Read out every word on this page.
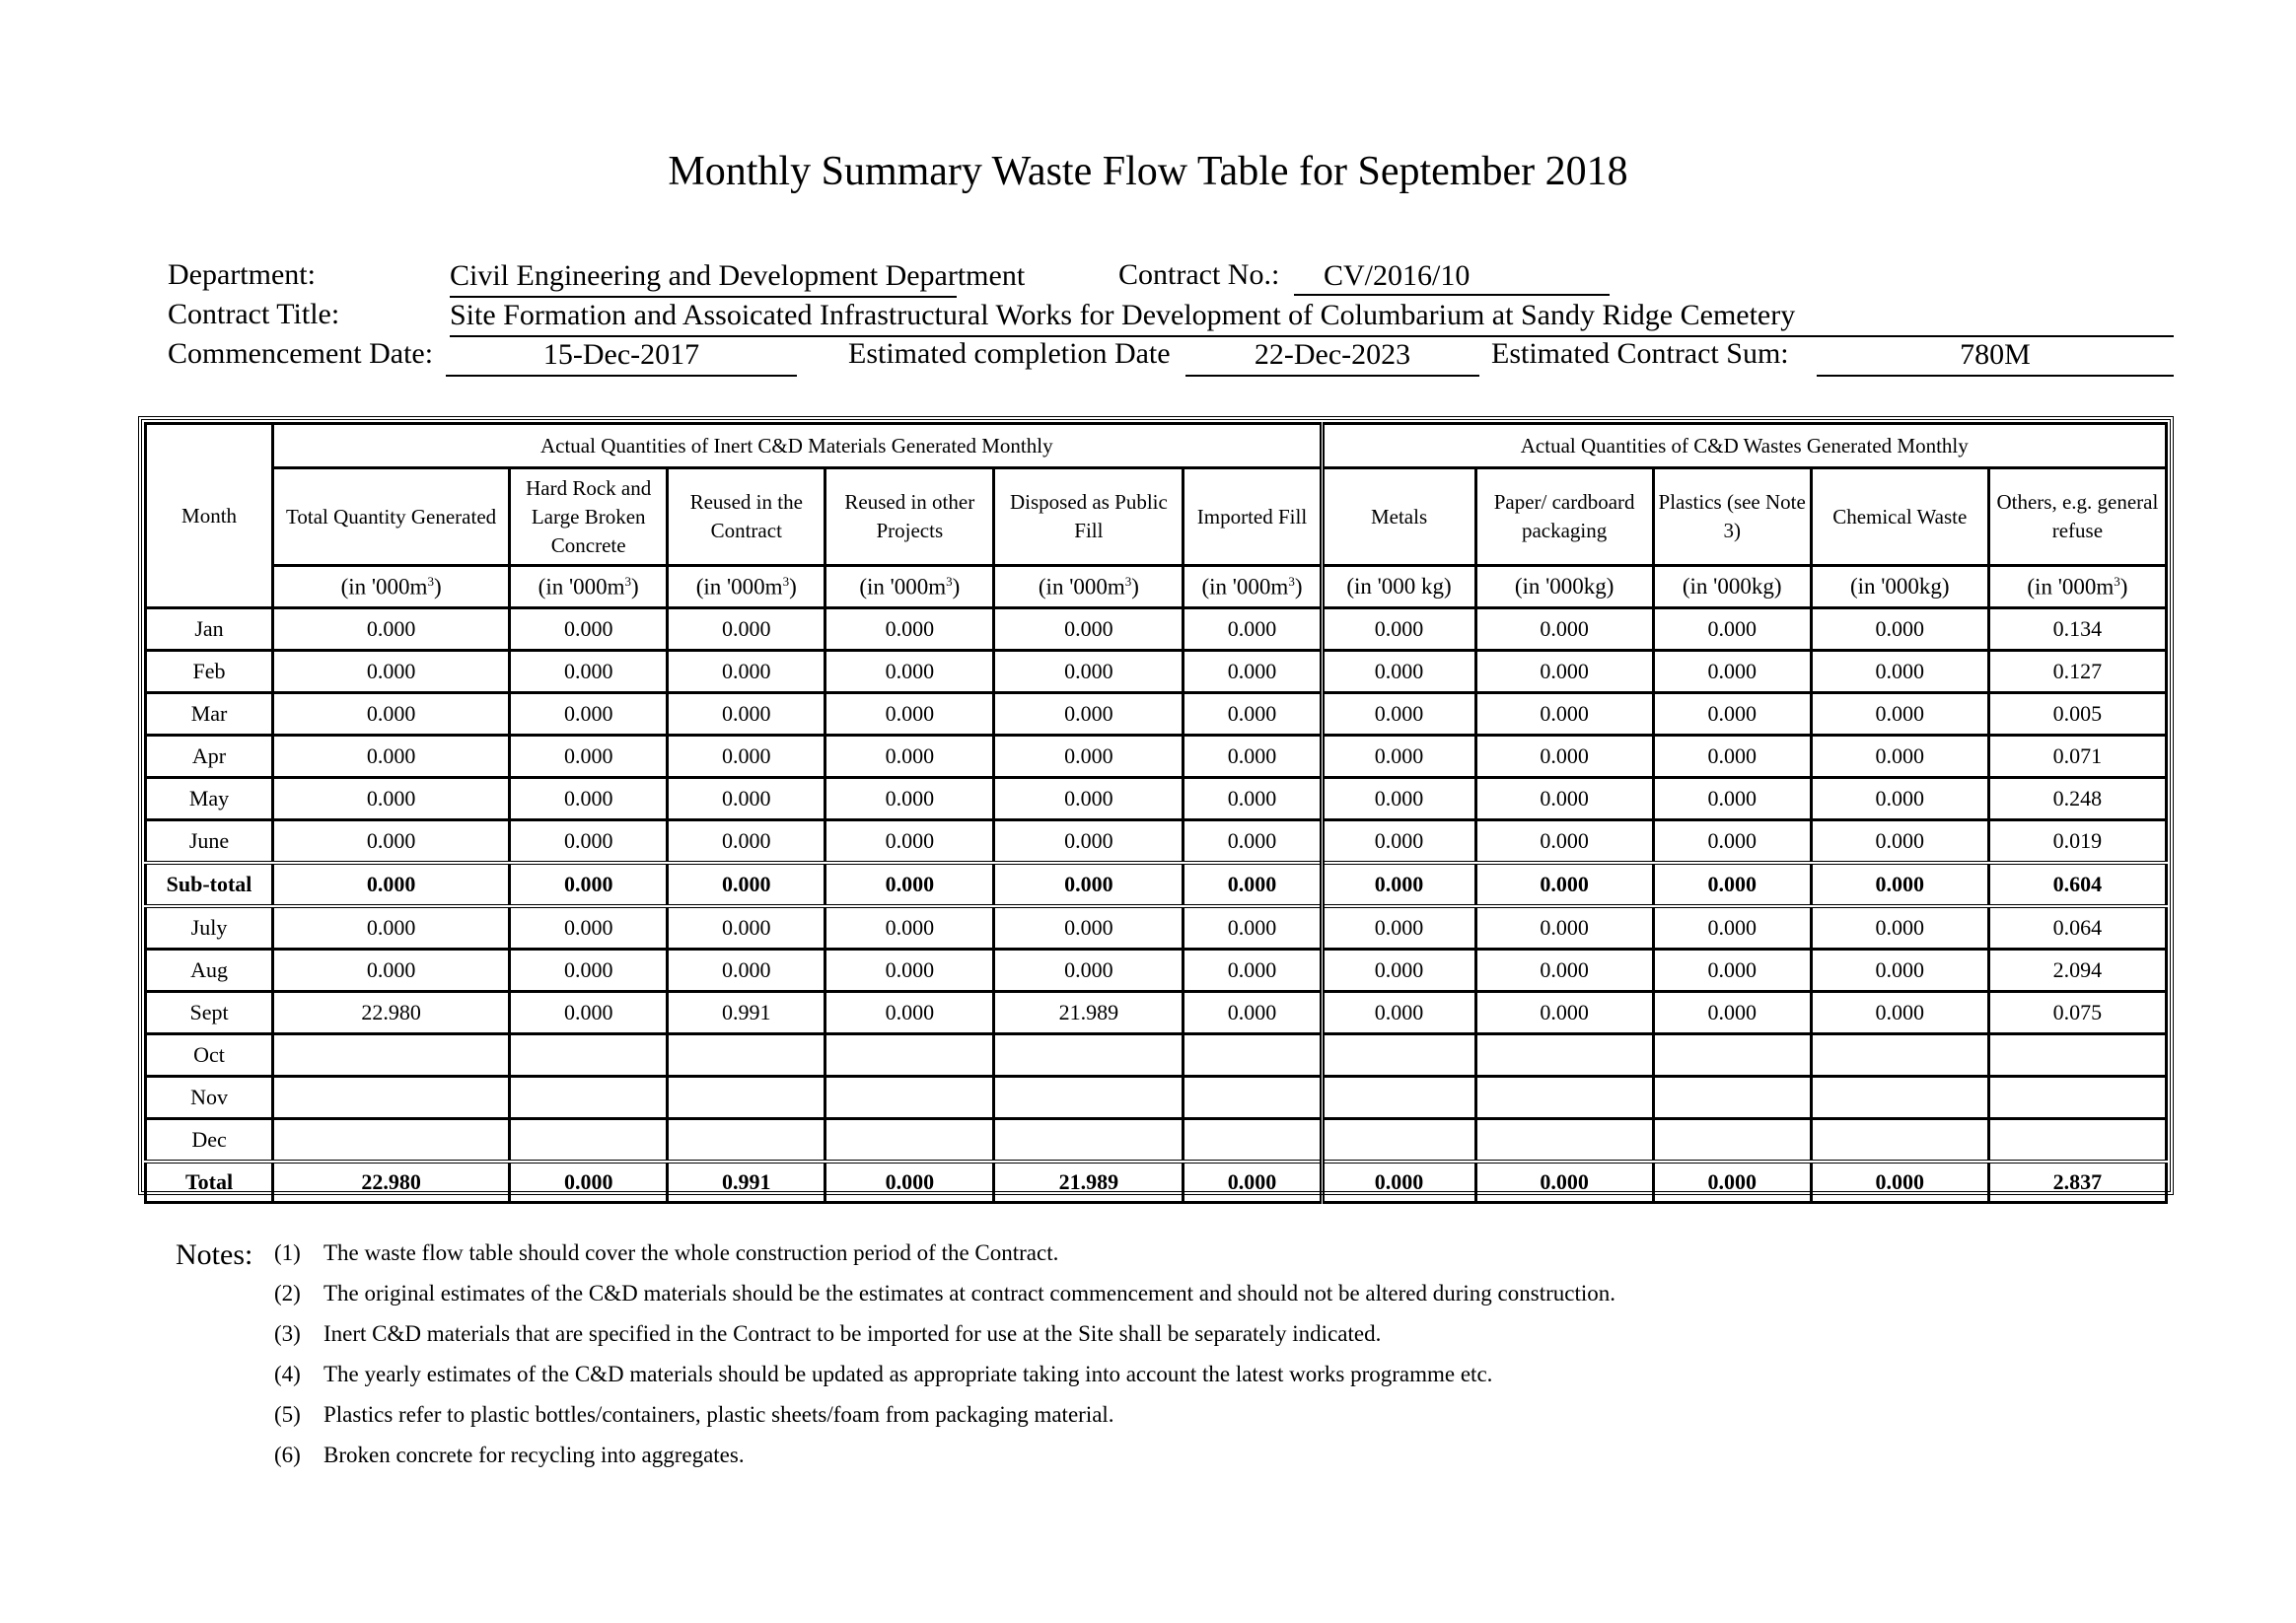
Monthly Summary Waste Flow Table for September 2018
Department:	Civil Engineering and Development Department	Contract No.:	CV/2016/10
Contract Title:	Site Formation and Assoicated Infrastructural Works for Development of Columbarium at Sandy Ridge Cemetery
Commencement Date:	15-Dec-2017	Estimated completion Date	22-Dec-2023	Estimated Contract Sum:	780M
Month	Actual Quantities of Inert C&D Materials Generated Monthly						Actual Quantities of C&D Wastes Generated Monthly				
	Total Quantity Generated	Hard Rock and Large Broken Concrete	Reused in the Contract	Reused in other Projects	Disposed as Public Fill	Imported Fill	Metals	Paper/ cardboard packaging	Plastics (see Note 3)	Chemical Waste	Others, e.g. general refuse
	(in '$000m^3$)	(in '$000m^3$)	(in '$000m^3$)	(in '$000m^3$)	(in '$000m^3$)	(in '$000m^3$)	(in '000 kg)	(in '000kg)	(in '000kg)	(in '000kg)	(in '$000m^3$)
Jan	0.000	0.000	0.000	0.000	0.000	0.000	0.000	0.000	0.000	0.000	0.134
Feb	0.000	0.000	0.000	0.000	0.000	0.000	0.000	0.000	0.000	0.000	0.127
Mar	0.000	0.000	0.000	0.000	0.000	0.000	0.000	0.000	0.000	0.000	0.005
Apr	0.000	0.000	0.000	0.000	0.000	0.000	0.000	0.000	0.000	0.000	0.071
May	0.000	0.000	0.000	0.000	0.000	0.000	0.000	0.000	0.000	0.000	0.248
June	0.000	0.000	0.000	0.000	0.000	0.000	0.000	0.000	0.000	0.000	0.019
Sub-total	0.000	0.000	0.000	0.000	0.000	0.000	0.000	0.000	0.000	0.000	0.604
July	0.000	0.000	0.000	0.000	0.000	0.000	0.000	0.000	0.000	0.000	0.064
Aug	0.000	0.000	0.000	0.000	0.000	0.000	0.000	0.000	0.000	0.000	2.094
Sept	22.980	0.000	0.991	0.000	21.989	0.000	0.000	0.000	0.000	0.000	0.075
Oct											
Nov											
Dec											
Total	22.980	0.000	0.991	0.000	21.989	0.000	0.000	0.000	0.000	0.000	2.837
Notes: (1) The waste flow table should cover the whole construction period of the Contract.
(2) The original estimates of the C&D materials should be the estimates at contract commencement and should not be altered during construction.
(3) Inert C&D materials that are specified in the Contract to be imported for use at the Site shall be separately indicated.
(4) The yearly estimates of the C&D materials should be updated as appropriate taking into account the latest works programme etc.
(5) Plastics refer to plastic bottles/containers, plastic sheets/foam from packaging material.
(6) Broken concrete for recycling into aggregates.
